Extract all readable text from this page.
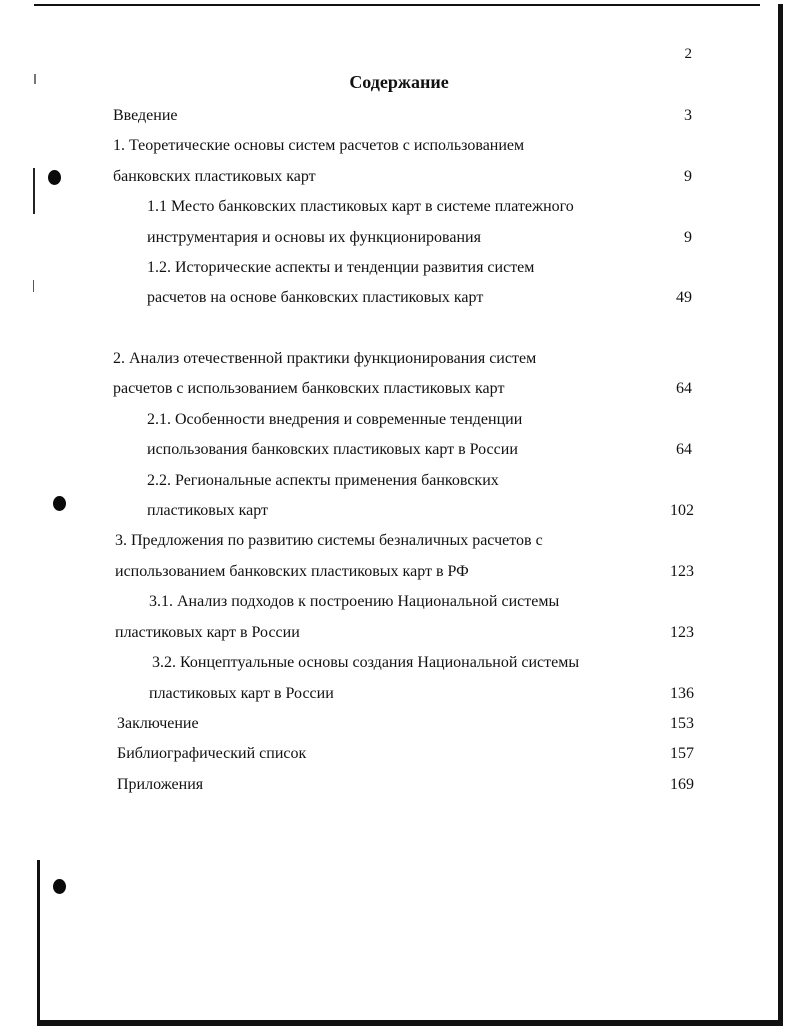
2
Содержание
Введение	3
1. Теоретические основы систем расчетов с использованием
банковских пластиковых карт	9
1.1 Место банковских пластиковых карт в системе платежного
инструментария и основы их функционирования	9
1.2. Исторические аспекты и тенденции развития систем
расчетов на основе банковских пластиковых карт	49
2. Анализ отечественной практики функционирования систем
расчетов с использованием банковских пластиковых карт	64
2.1. Особенности внедрения и современные тенденции
использования банковских пластиковых карт в России	64
2.2. Региональные аспекты применения банковских
пластиковых карт	102
3. Предложения по развитию системы безналичных расчетов с
использованием банковских пластиковых карт в РФ	123
3.1. Анализ подходов к построению Национальной системы
пластиковых карт в России	123
3.2. Концептуальные основы создания Национальной системы
пластиковых карт в России	136
Заключение	153
Библиографический список	157
Приложения	169
